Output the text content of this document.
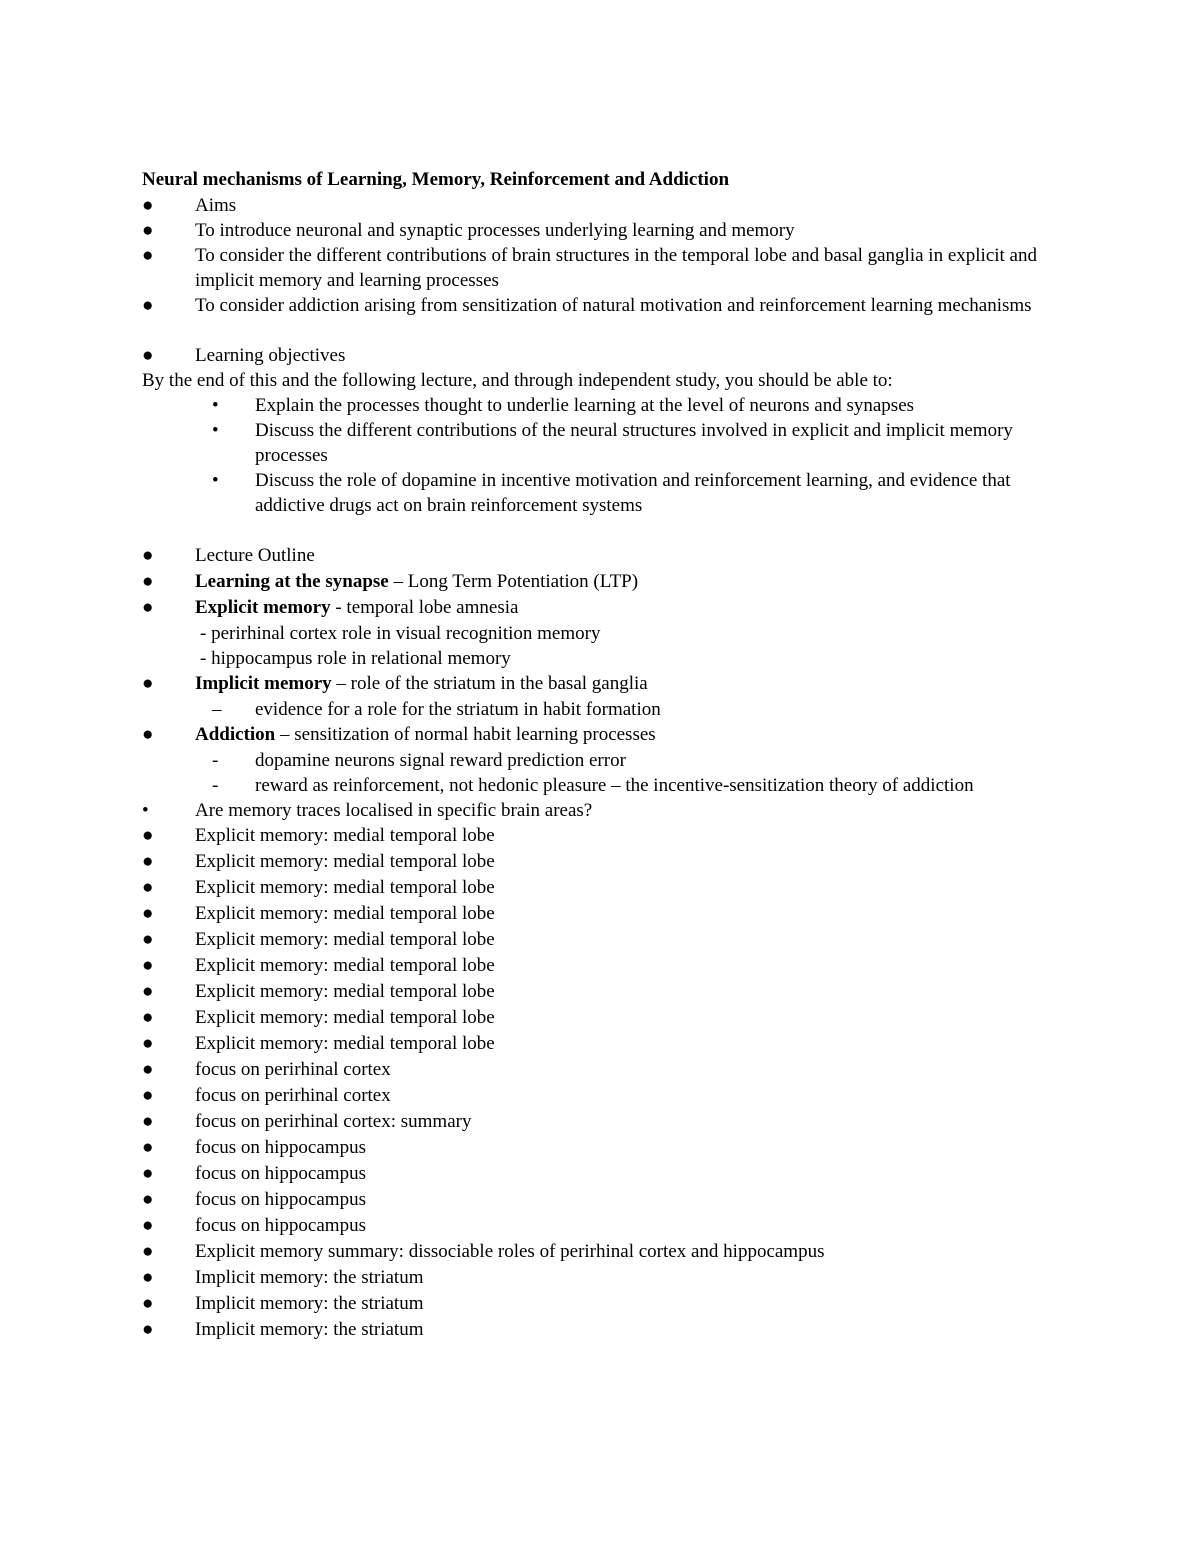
Neural mechanisms of Learning, Memory, Reinforcement and Addiction
●	Aims
●	To introduce neuronal and synaptic processes underlying learning and memory
●	To consider the different contributions of brain structures in the temporal lobe and basal ganglia in explicit and implicit memory and learning processes
●	To consider addiction arising from sensitization of natural motivation and reinforcement learning mechanisms
●	Learning objectives
By the end of this and the following lecture, and through independent study, you should be able to:
• Explain the processes thought to underlie learning at the level of neurons and synapses
• Discuss the different contributions of the neural structures involved in explicit and implicit memory processes
• Discuss the role of dopamine in incentive motivation and reinforcement learning, and evidence that addictive drugs act on brain reinforcement systems
●	Lecture Outline
●	Learning at the synapse – Long Term Potentiation (LTP)
●	Explicit memory - temporal lobe amnesia
- perirhinal cortex role in visual recognition memory
- hippocampus role in relational memory
●	Implicit memory – role of the striatum in the basal ganglia
– evidence for a role for the striatum in habit formation
●	Addiction – sensitization of normal habit learning processes
- dopamine neurons signal reward prediction error
- reward as reinforcement, not hedonic pleasure – the incentive-sensitization theory of addiction
•	Are memory traces localised in specific brain areas?
●	Explicit memory: medial temporal lobe
●	Explicit memory: medial temporal lobe
●	Explicit memory: medial temporal lobe
●	Explicit memory: medial temporal lobe
●	Explicit memory: medial temporal lobe
●	Explicit memory: medial temporal lobe
●	Explicit memory: medial temporal lobe
●	Explicit memory: medial temporal lobe
●	Explicit memory: medial temporal lobe
●	focus on perirhinal cortex
●	focus on perirhinal cortex
●	focus on perirhinal cortex: summary
●	focus on hippocampus
●	focus on hippocampus
●	focus on hippocampus
●	focus on hippocampus
●	Explicit memory summary: dissociable roles of perirhinal cortex and hippocampus
●	Implicit memory: the striatum
●	Implicit memory: the striatum
●	Implicit memory: the striatum
